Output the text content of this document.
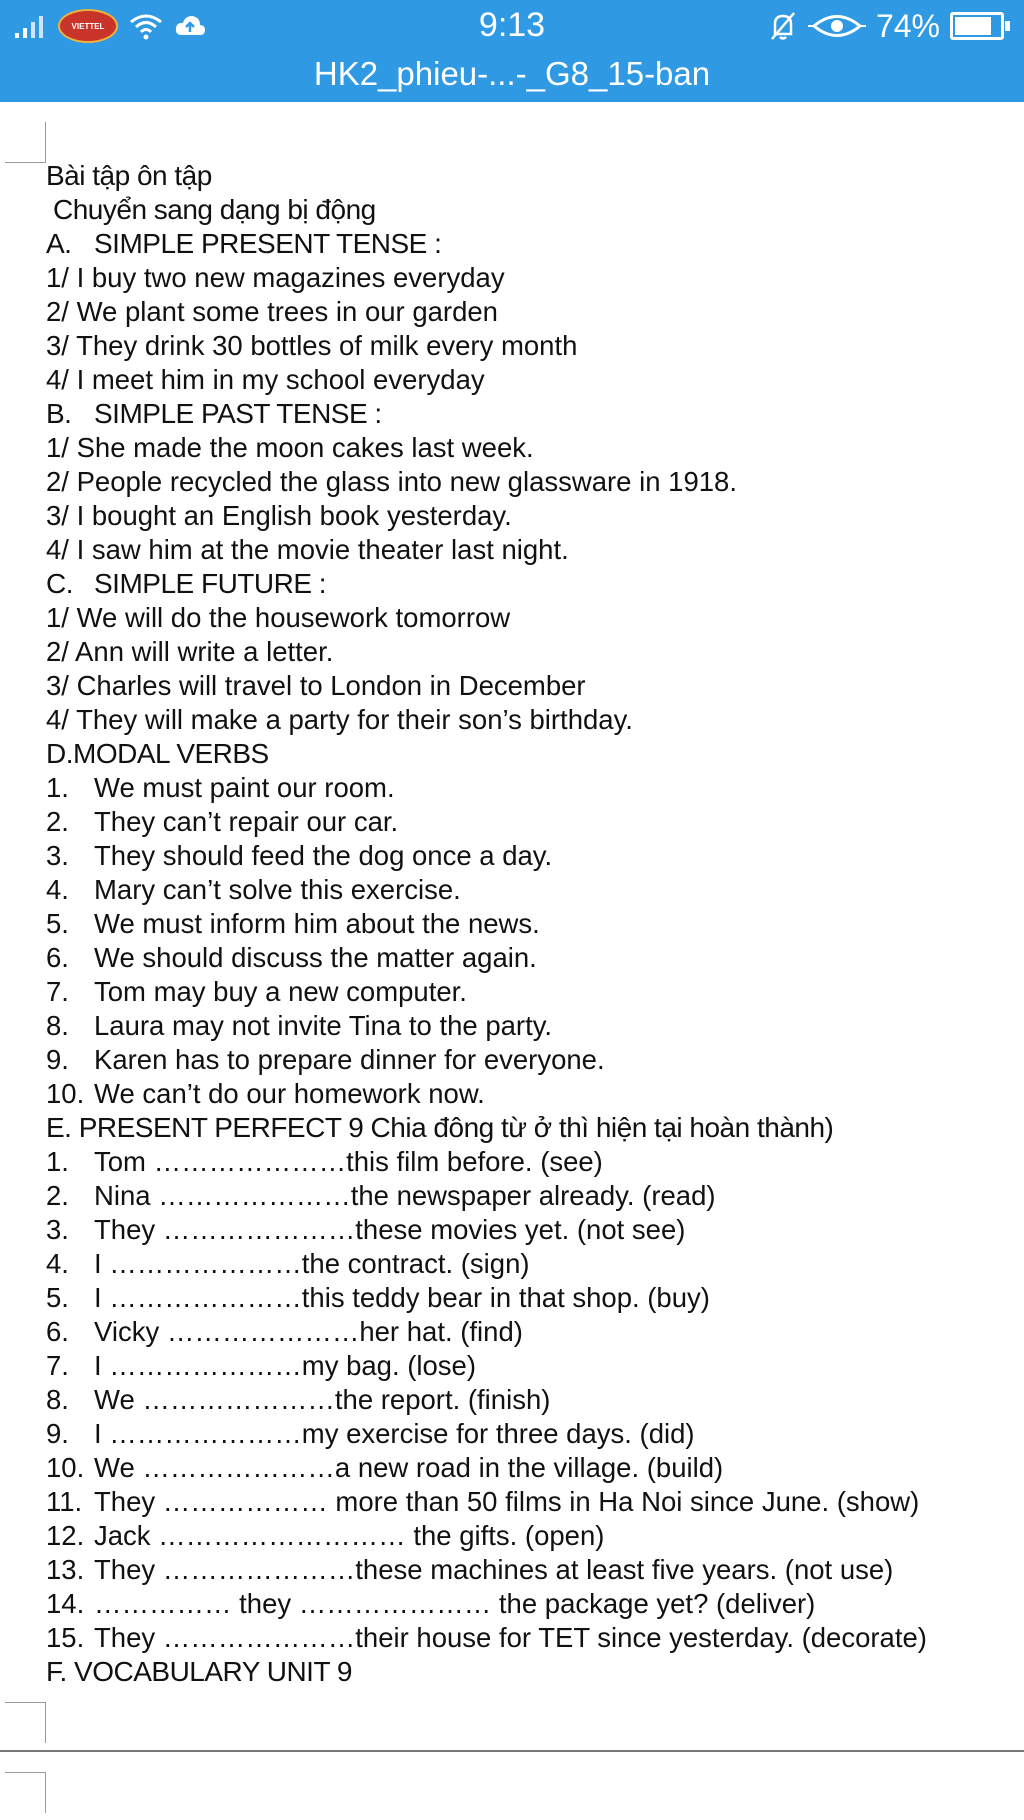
VIETTEL	9:13	74%
HK2_phieu-...-_G8_15-ban
Bài tập ôn tập
Chuyển sang dạng bị động
A. SIMPLE PRESENT TENSE :
1/ I buy two new magazines everyday
2/ We plant some trees in our garden
3/ They drink 30 bottles of milk every month
4/ I meet him in my school everyday
B. SIMPLE PAST TENSE :
1/ She made the moon cakes last week.
2/ People recycled the glass into new glassware in 1918.
3/ I bought an English book yesterday.
4/ I saw him at the movie theater last night.
C. SIMPLE FUTURE :
1/ We will do the housework tomorrow
2/ Ann will write a letter.
3/ Charles will travel to London in December
4/ They will make a party for their son’s birthday.
D.MODAL VERBS
1. We must paint our room.
2. They can’t repair our car.
3. They should feed the dog once a day.
4. Mary can’t solve this exercise.
5. We must inform him about the news.
6. We should discuss the matter again.
7. Tom may buy a new computer.
8. Laura may not invite Tina to the party.
9. Karen has to prepare dinner for everyone.
10. We can’t do our homework now.
E. PRESENT PERFECT 9 Chia đông từ ở thì hiện tại hoàn thành)
1. Tom …………………this film before. (see)
2. Nina …………………the newspaper already. (read)
3. They …………………these movies yet. (not see)
4. I …………………the contract. (sign)
5. I …………………this teddy bear in that shop. (buy)
6. Vicky …………………her hat. (find)
7. I …………………my bag. (lose)
8. We …………………the report. (finish)
9. I …………………my exercise for three days. (did)
10. We …………………a new road in the village. (build)
11. They ……………… more than 50 films in Ha Noi since June. (show)
12. Jack ……………………… the gifts. (open)
13. They …………………these machines at least five years. (not use)
14. …………… they ………………… the package yet? (deliver)
15. They …………………their house for TET since yesterday. (decorate)
F. VOCABULARY UNIT 9
